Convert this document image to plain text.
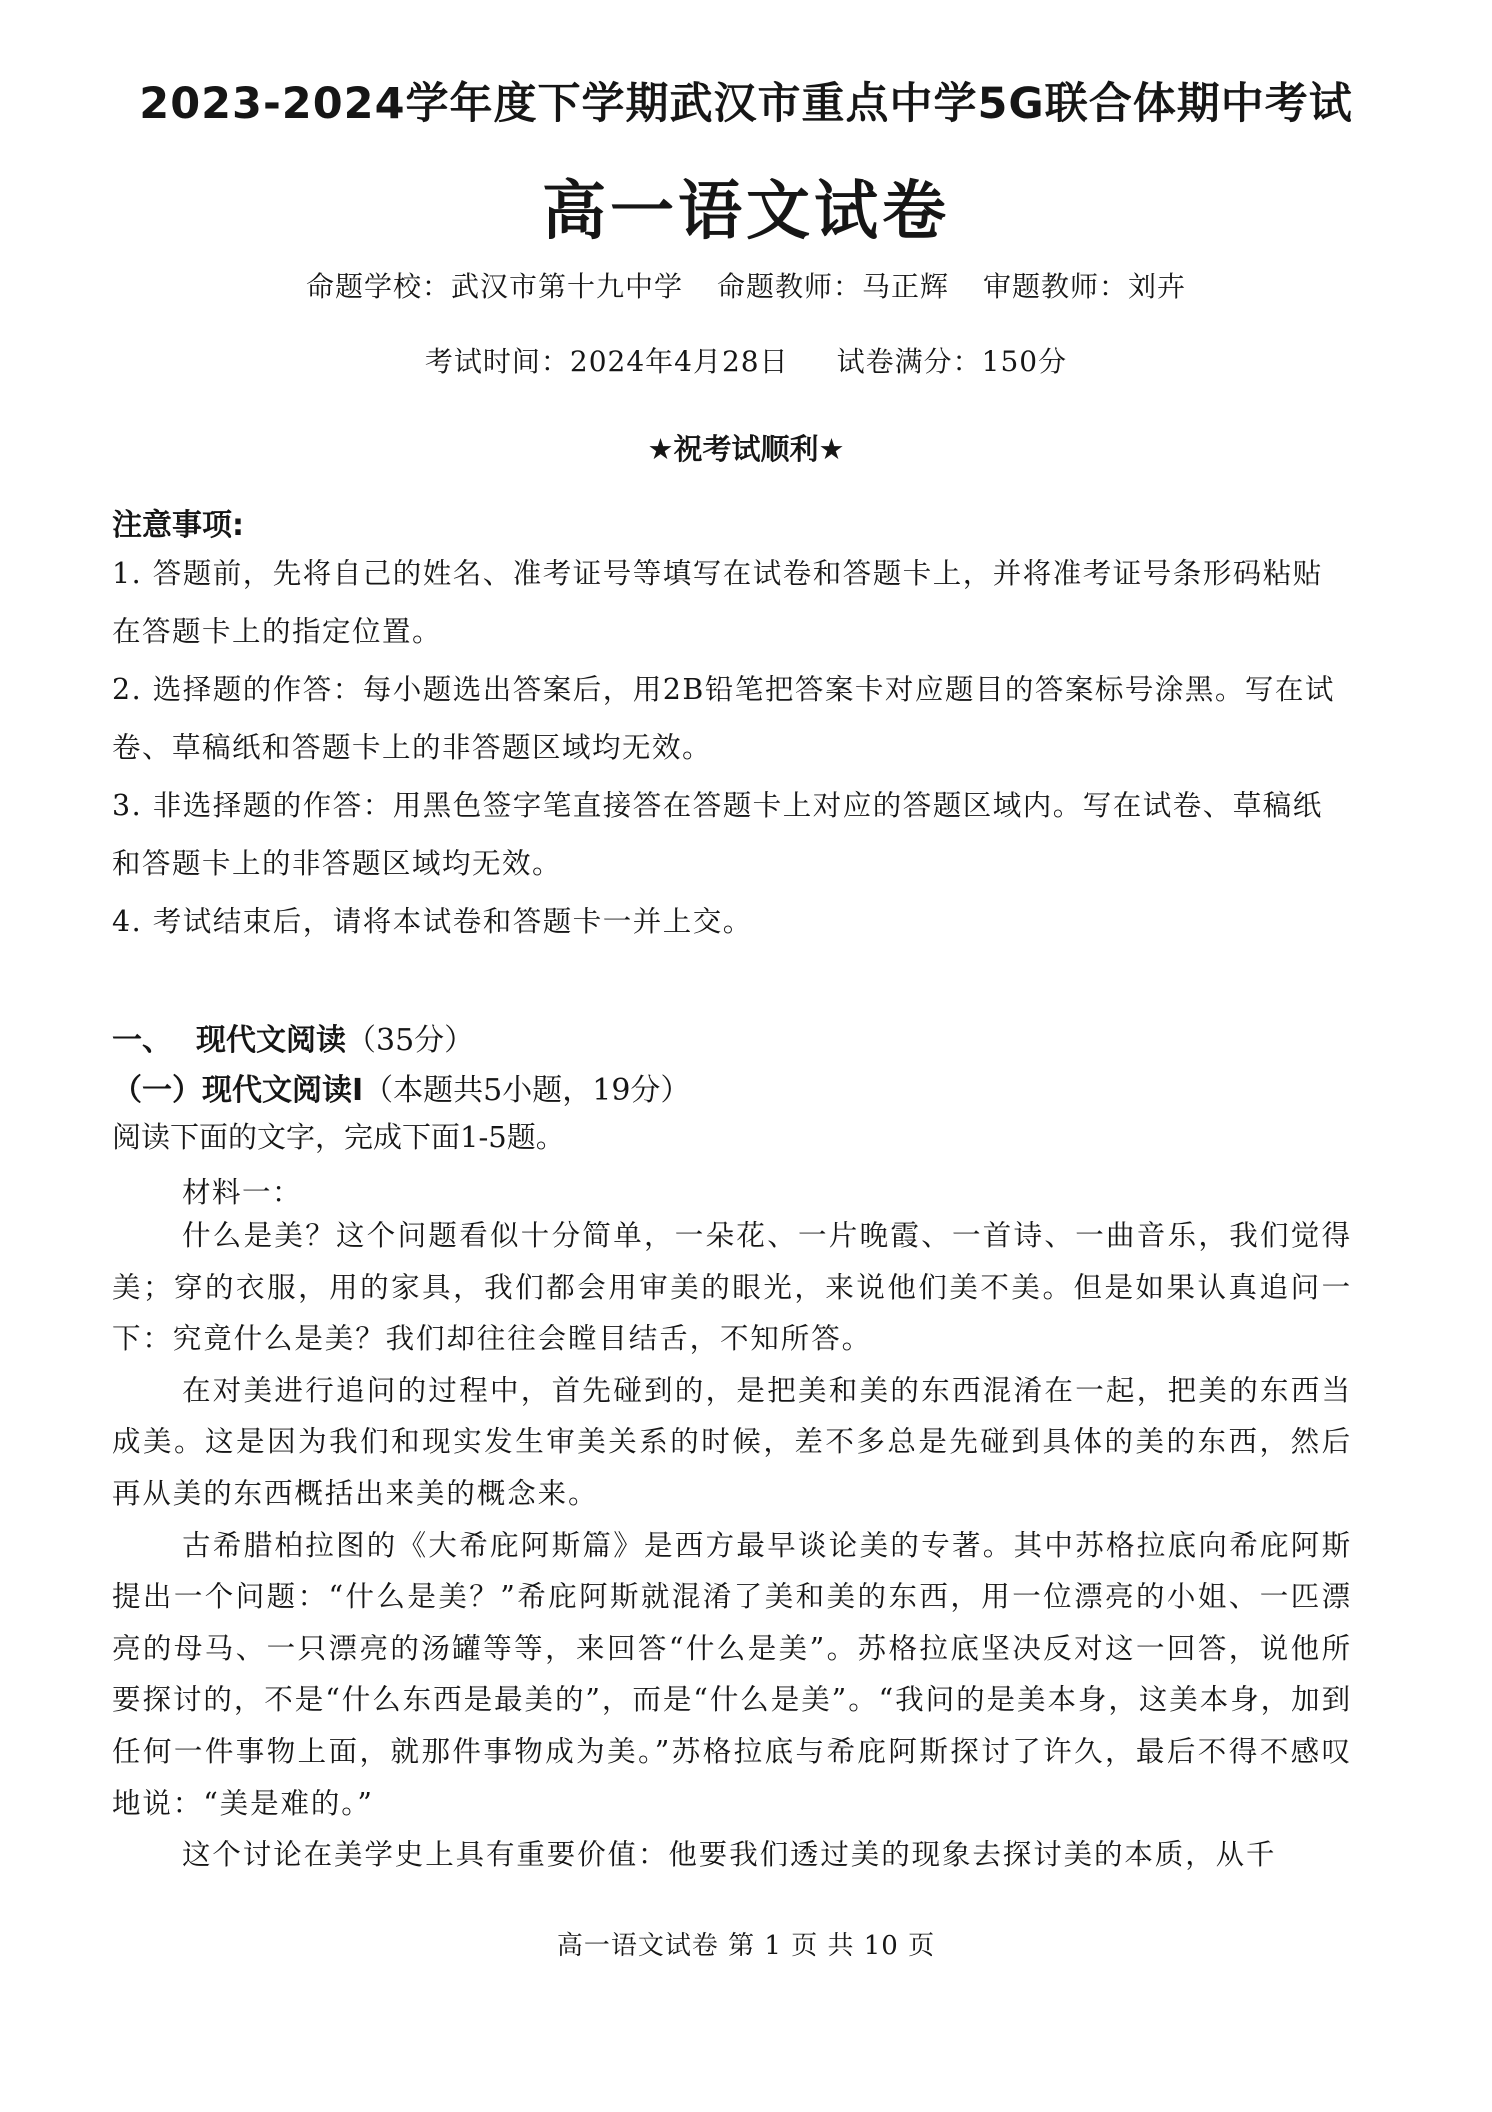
2023-2024学年度下学期武汉市重点中学5G联合体期中考试
高一语文试卷
命题学校：武汉市第十九中学 命题教师：马正辉 审题教师：刘卉
考试时间：2024年4月28日 试卷满分：150分
★祝考试顺利★
注意事项:

1. 答题前，先将自己的姓名、准考证号等填写在试卷和答题卡上，并将准考证号条形码粘贴在答题卡上的指定位置。

2. 选择题的作答：每小题选出答案后，用2B铅笔把答案卡对应题目的答案标号涂黑。写在试卷、草稿纸和答题卡上的非答题区域均无效。

3. 非选择题的作答：用黑色签字笔直接答在答题卡上对应的答题区域内。写在试卷、草稿纸和答题卡上的非答题区域均无效。

4. 考试结束后，请将本试卷和答题卡一并上交。

一、 现代文阅读（35分）
（一）现代文阅读Ⅰ（本题共5小题，19分）
阅读下面的文字，完成下面1-5题。
材料一：

什么是美？这个问题看似十分简单，一朵花、一片晚霞、一首诗、一曲音乐，我们觉得美；穿的衣服，用的家具，我们都会用审美的眼光，来说他们美不美。但是如果认真追问一下：究竟什么是美？我们却往往会瞠目结舌，不知所答。

在对美进行追问的过程中，首先碰到的，是把美和美的东西混淆在一起，把美的东西当成美。这是因为我们和现实发生审美关系的时候，差不多总是先碰到具体的美的东西，然后再从美的东西概括出来美的概念来。

古希腊柏拉图的《大希庇阿斯篇》是西方最早谈论美的专著。其中苏格拉底向希庇阿斯提出一个问题：“什么是美？”希庇阿斯就混淆了美和美的东西，用一位漂亮的小姐、一匹漂亮的母马、一只漂亮的汤罐等等，来回答“什么是美”。苏格拉底坚决反对这一回答，说他所要探讨的，不是“什么东西是最美的”，而是“什么是美”。“我问的是美本身，这美本身，加到任何一件事物上面，就那件事物成为美。”苏格拉底与希庇阿斯探讨了许久，最后不得不感叹地说：“美是难的。”

这个讨论在美学史上具有重要价值：他要我们透过美的现象去探讨美的本质，从千

高一语文试卷 第 1 页 共 10 页
